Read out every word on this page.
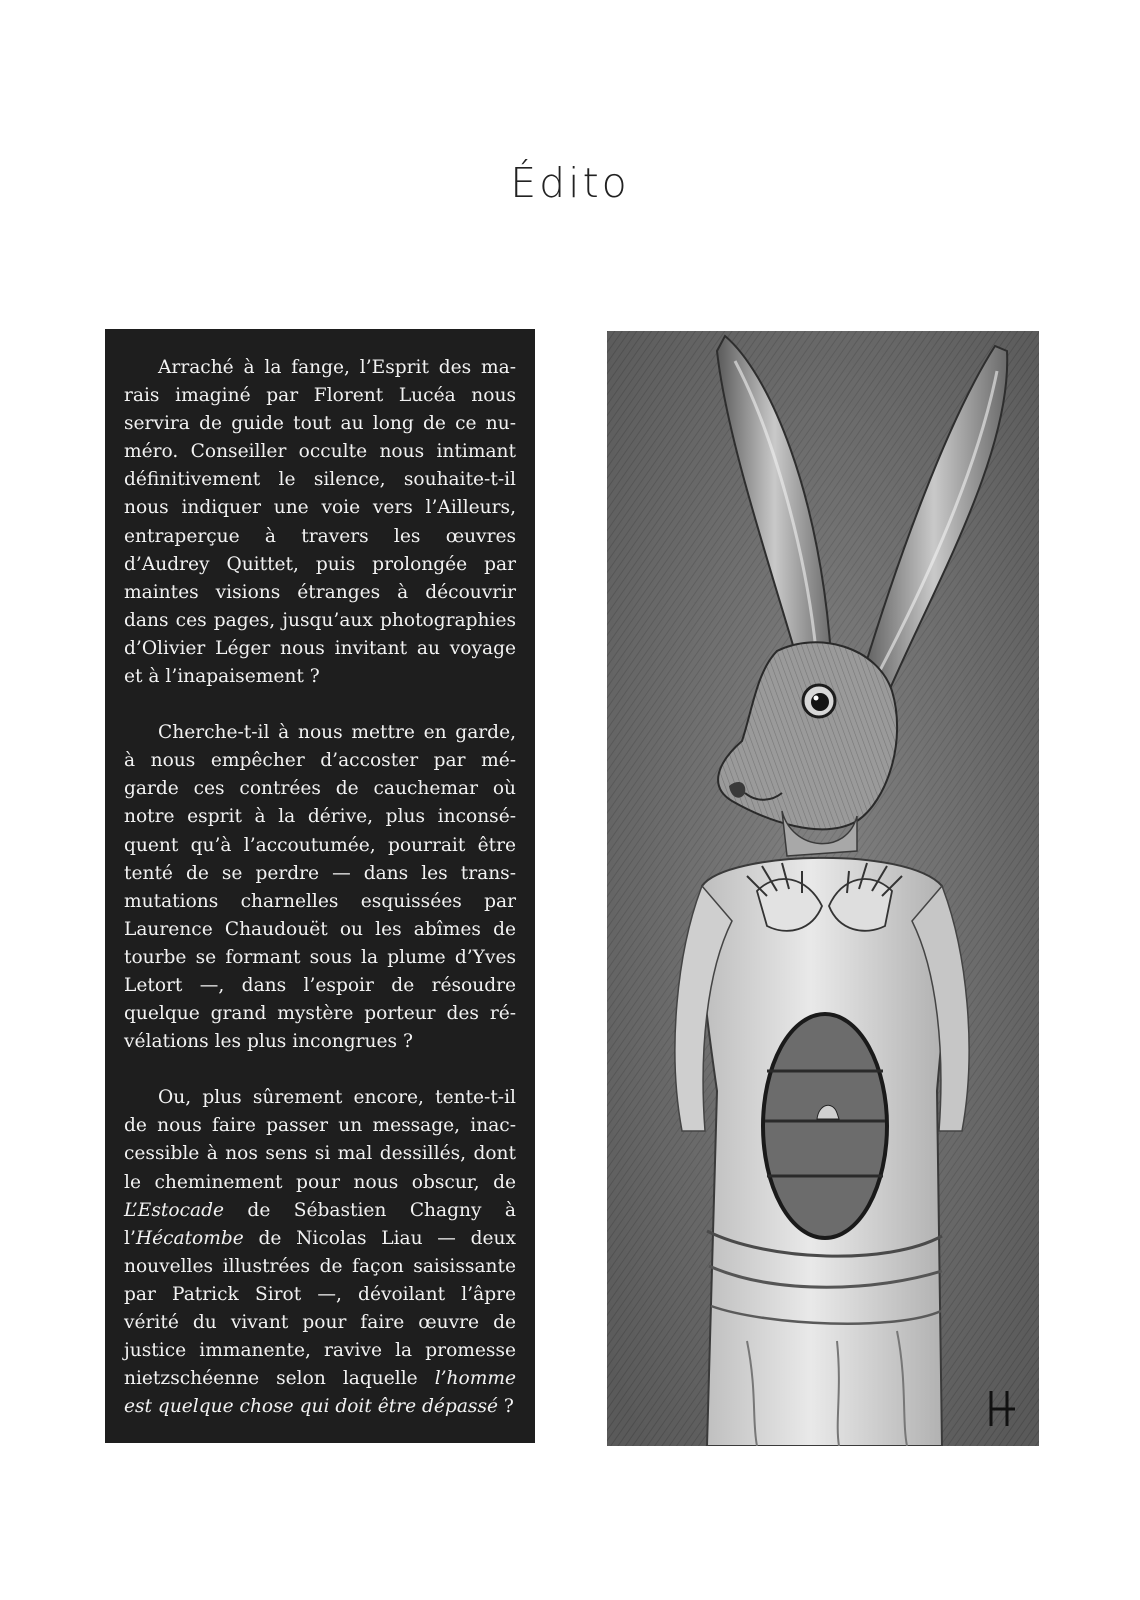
Édito

Arraché à la fange, l’Esprit des ma-rais imaginé par Florent Lucéa nous servira de guide tout au long de ce nu-méro. Conseiller occulte nous intimant définitivement le silence, souhaite-t-il nous indiquer une voie vers l’Ailleurs, entraperçue à travers les œuvres d’Audrey Quittet, puis prolongée par maintes visions étranges à découvrir dans ces pages, jusqu’aux photographies d’Olivier Léger nous invitant au voyage et à l’inapaisement ?

Cherche-t-il à nous mettre en garde, à nous empêcher d’accoster par mé-garde ces contrées de cauchemar où notre esprit à la dérive, plus inconsé-quent qu’à l’accoutumée, pourrait être tenté de se perdre — dans les trans-mutations charnelles esquissées par Laurence Chaudouët ou les abîmes de tourbe se formant sous la plume d’Yves Letort —, dans l’espoir de résoudre quelque grand mystère porteur des ré-vélations les plus incongrues ?

Ou, plus sûrement encore, tente-t-il de nous faire passer un message, inac-cessible à nos sens si mal dessillés, dont le cheminement pour nous obscur, de L’Estocade de Sébastien Chagny à l’Hécatombe de Nicolas Liau — deux nouvelles illustrées de façon saisissante par Patrick Sirot —, dévoilant l’âpre vérité du vivant pour faire œuvre de justice immanente, ravive la promesse nietzschéenne selon laquelle l’homme est quelque chose qui doit être dépassé ?
